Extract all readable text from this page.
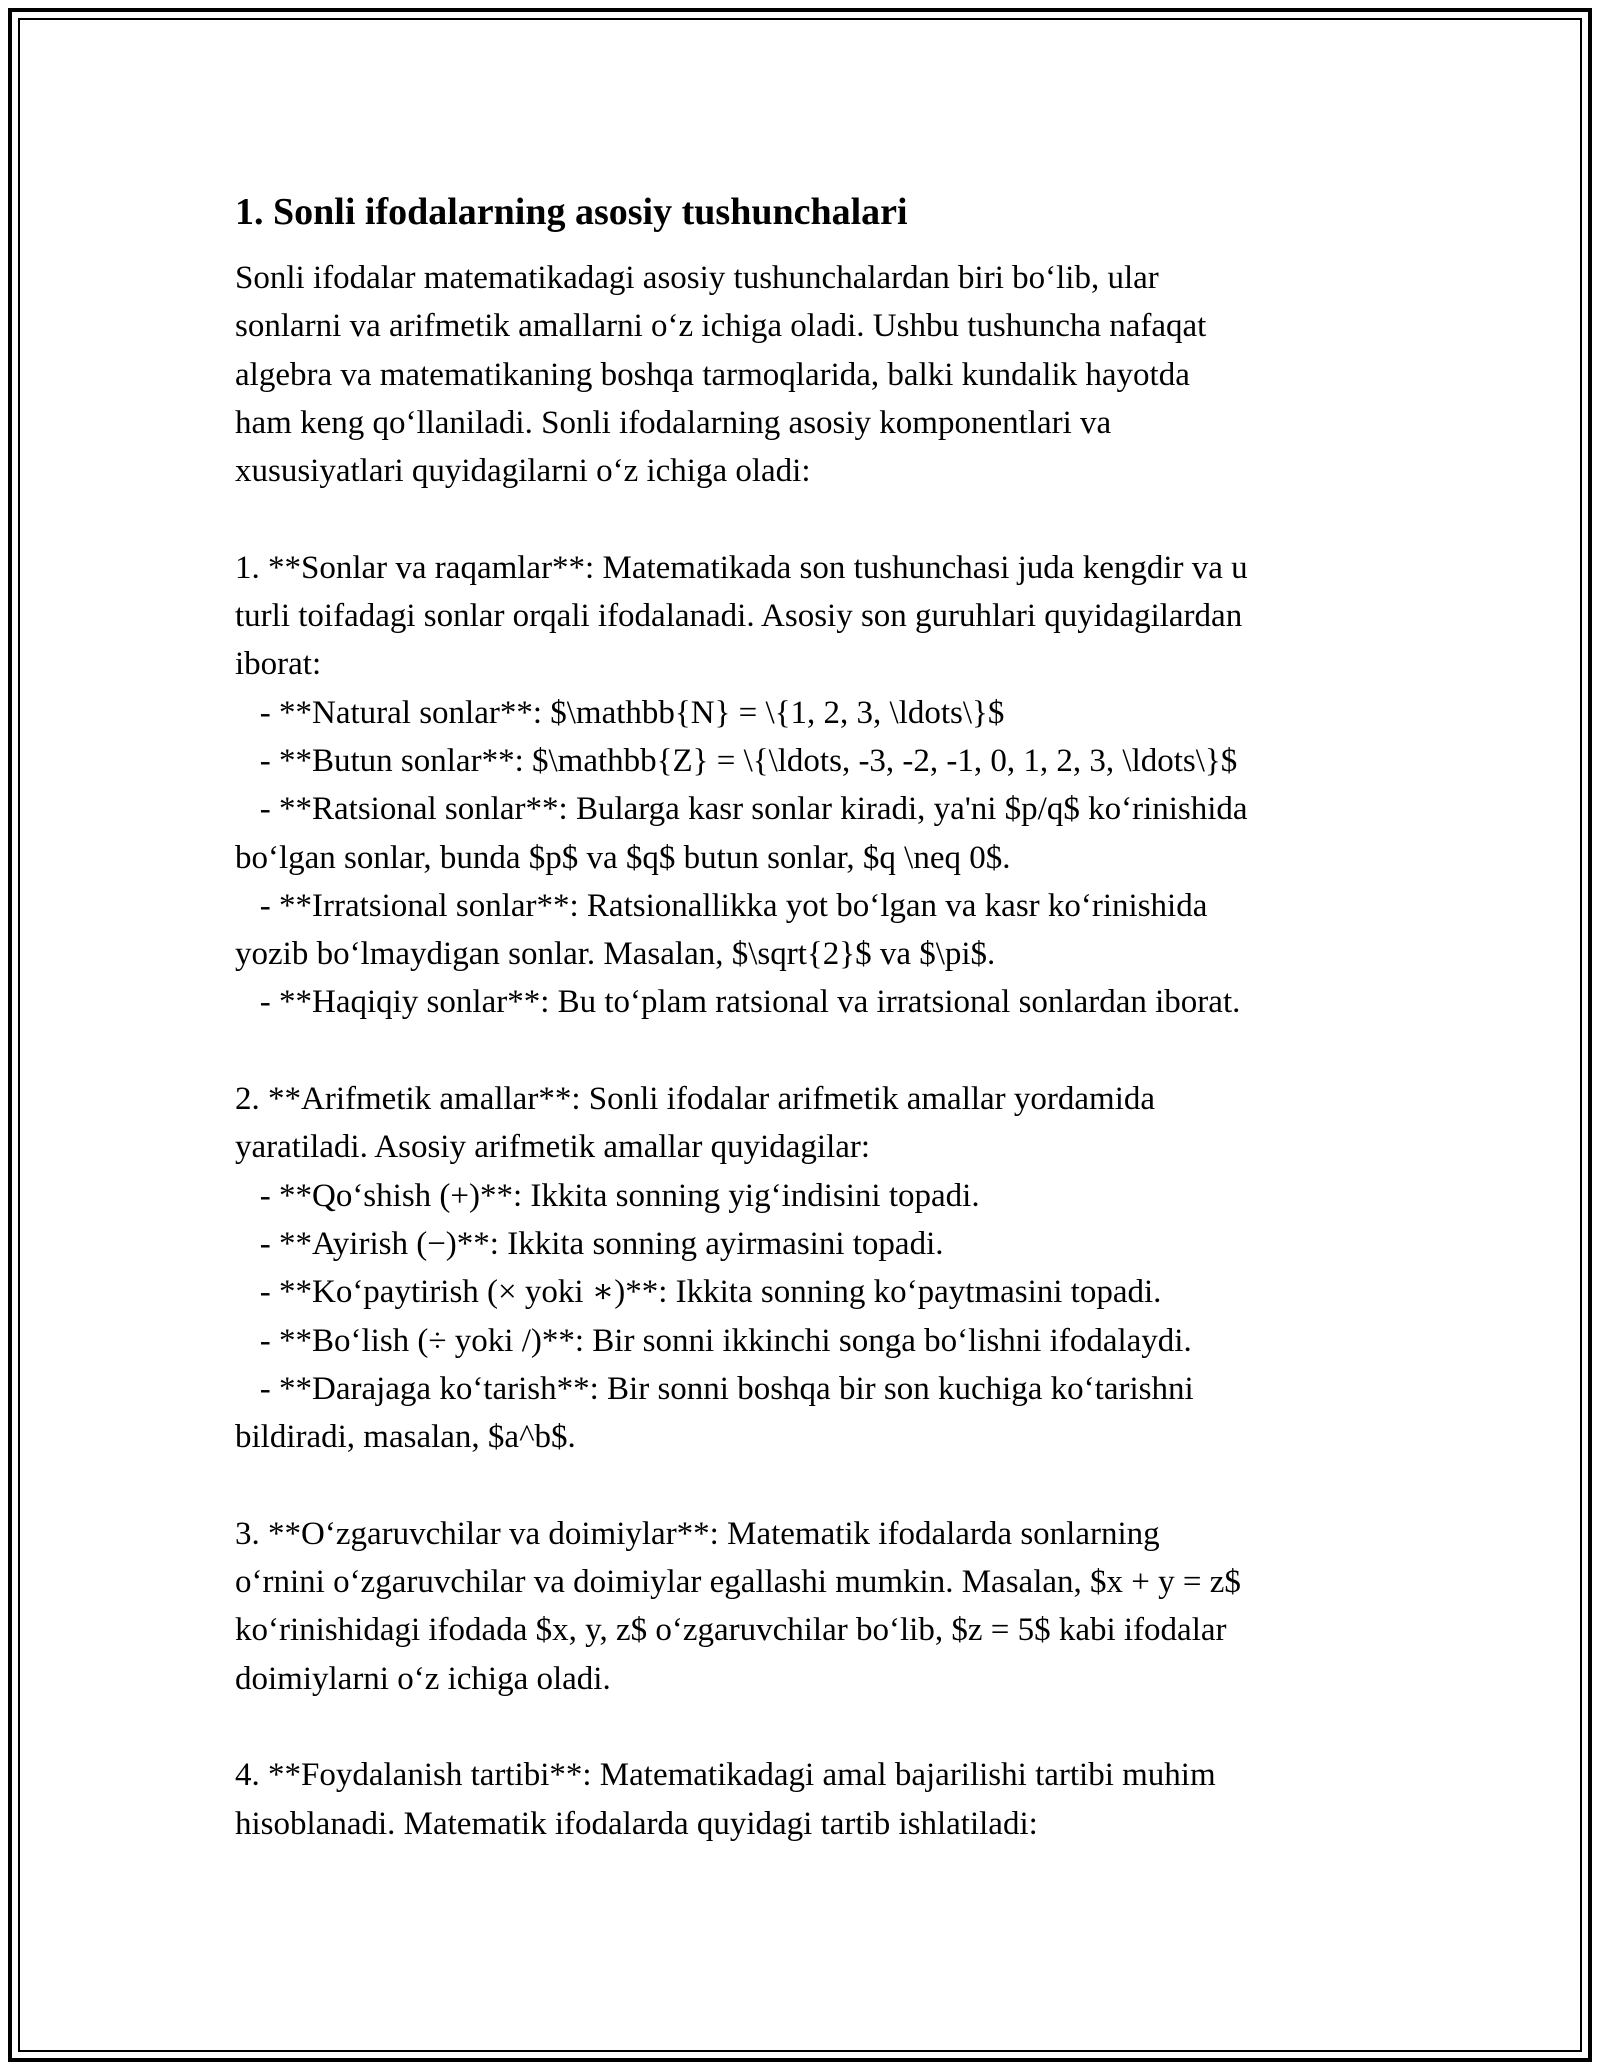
1. Sonli ifodalarning asosiy tushunchalari

Sonli ifodalar matematikadagi asosiy tushunchalardan biri bo‘lib, ular

sonlarni va arifmetik amallarni o‘z ichiga oladi. Ushbu tushuncha nafaqat

algebra va matematikaning boshqa tarmoqlarida, balki kundalik hayotda

ham keng qo‘llaniladi. Sonli ifodalarning asosiy komponentlari va

xususiyatlari quyidagilarni o‘z ichiga oladi:

1. **Sonlar va raqamlar**: Matematikada son tushunchasi juda kengdir va u

turli toifadagi sonlar orqali ifodalanadi. Asosiy son guruhlari quyidagilardan

iborat:

- **Natural sonlar**: $\mathbb{N} = \{1, 2, 3, \ldots\}$

- **Butun sonlar**: $\mathbb{Z} = \{\ldots, -3, -2, -1, 0, 1, 2, 3, \ldots\}$

- **Ratsional sonlar**: Bularga kasr sonlar kiradi, ya'ni $p/q$ ko‘rinishida

bo‘lgan sonlar, bunda $p$ va $q$ butun sonlar, $q \neq 0$.

- **Irratsional sonlar**: Ratsionallikka yot bo‘lgan va kasr ko‘rinishida

yozib bo‘lmaydigan sonlar. Masalan, $\sqrt{2}$ va $\pi$.

- **Haqiqiy sonlar**: Bu to‘plam ratsional va irratsional sonlardan iborat.

2. **Arifmetik amallar**: Sonli ifodalar arifmetik amallar yordamida

yaratiladi. Asosiy arifmetik amallar quyidagilar:

- **Qo‘shish (+)**: Ikkita sonning yig‘indisini topadi.

- **Ayirish (−)**: Ikkita sonning ayirmasini topadi.

- **Ko‘paytirish (× yoki ∗)**: Ikkita sonning ko‘paytmasini topadi.

- **Bo‘lish (÷ yoki /)**: Bir sonni ikkinchi songa bo‘lishni ifodalaydi.

- **Darajaga ko‘tarish**: Bir sonni boshqa bir son kuchiga ko‘tarishni

bildiradi, masalan, $a^b$.

3. **O‘zgaruvchilar va doimiylar**: Matematik ifodalarda sonlarning

o‘rnini o‘zgaruvchilar va doimiylar egallashi mumkin. Masalan, $x + y = z$

ko‘rinishidagi ifodada $x, y, z$ o‘zgaruvchilar bo‘lib, $z = 5$ kabi ifodalar

doimiylarni o‘z ichiga oladi.

4. **Foydalanish tartibi**: Matematikadagi amal bajarilishi tartibi muhim

hisoblanadi. Matematik ifodalarda quyidagi tartib ishlatiladi:
